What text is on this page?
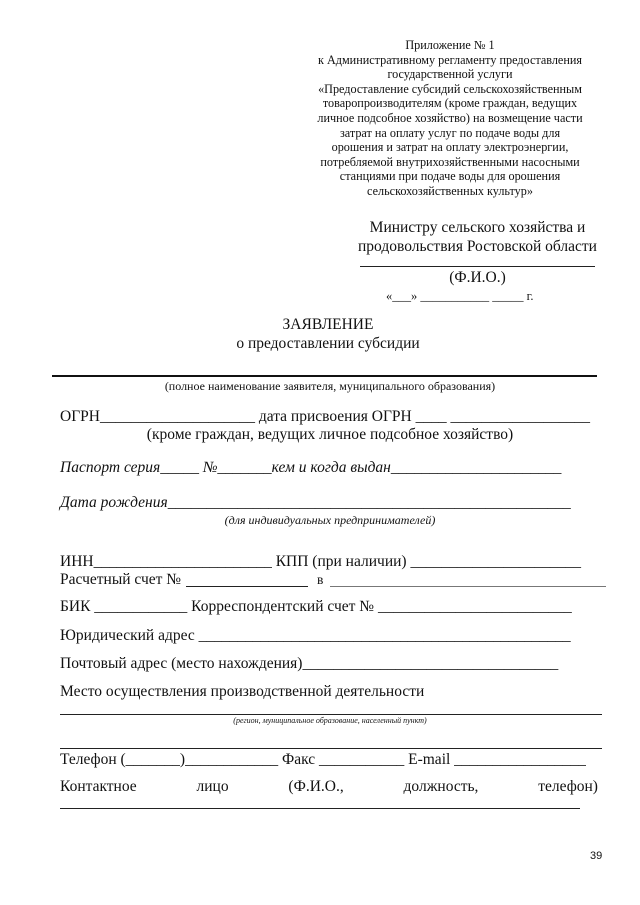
Приложение № 1
к Административному регламенту предоставления
государственной услуги
«Предоставление субсидий сельскохозяйственным
товаропроизводителям (кроме граждан, ведущих
личное подсобное хозяйство) на возмещение части
затрат на оплату услуг по подаче воды для
орошения и затрат на оплату электроэнергии,
потребляемой внутрихозяйственными насосными
станциями при подаче воды для орошения
сельскохозяйственных культур»
Министру сельского хозяйства и
продовольствия Ростовской области
(Ф.И.О.)
«___» ___________ _____ г.
ЗАЯВЛЕНИЕ
о предоставлении субсидии
(полное наименование заявителя, муниципального образования)
ОГРН____________________ дата присвоения ОГРН ____ __________________
(кроме граждан, ведущих личное подсобное хозяйство)
Паспорт серия_____ №_______кем и когда выдан______________________
Дата рождения____________________________________________________
(для индивидуальных предпринимателей)
ИНН_______________________ КПП (при наличии) ______________________
Расчетный счет №	в
БИК ____________ Корреспондентский счет № _________________________
Юридический адрес ________________________________________________
Почтовый адрес (место нахождения)_________________________________
Место осуществления производственной деятельности
(регион, муниципальное образование, населенный пункт)
Телефон (_______)____________ Факс ___________ E-mail _________________
Контактное	лицо	(Ф.И.О.,	должность,	телефон)
39
